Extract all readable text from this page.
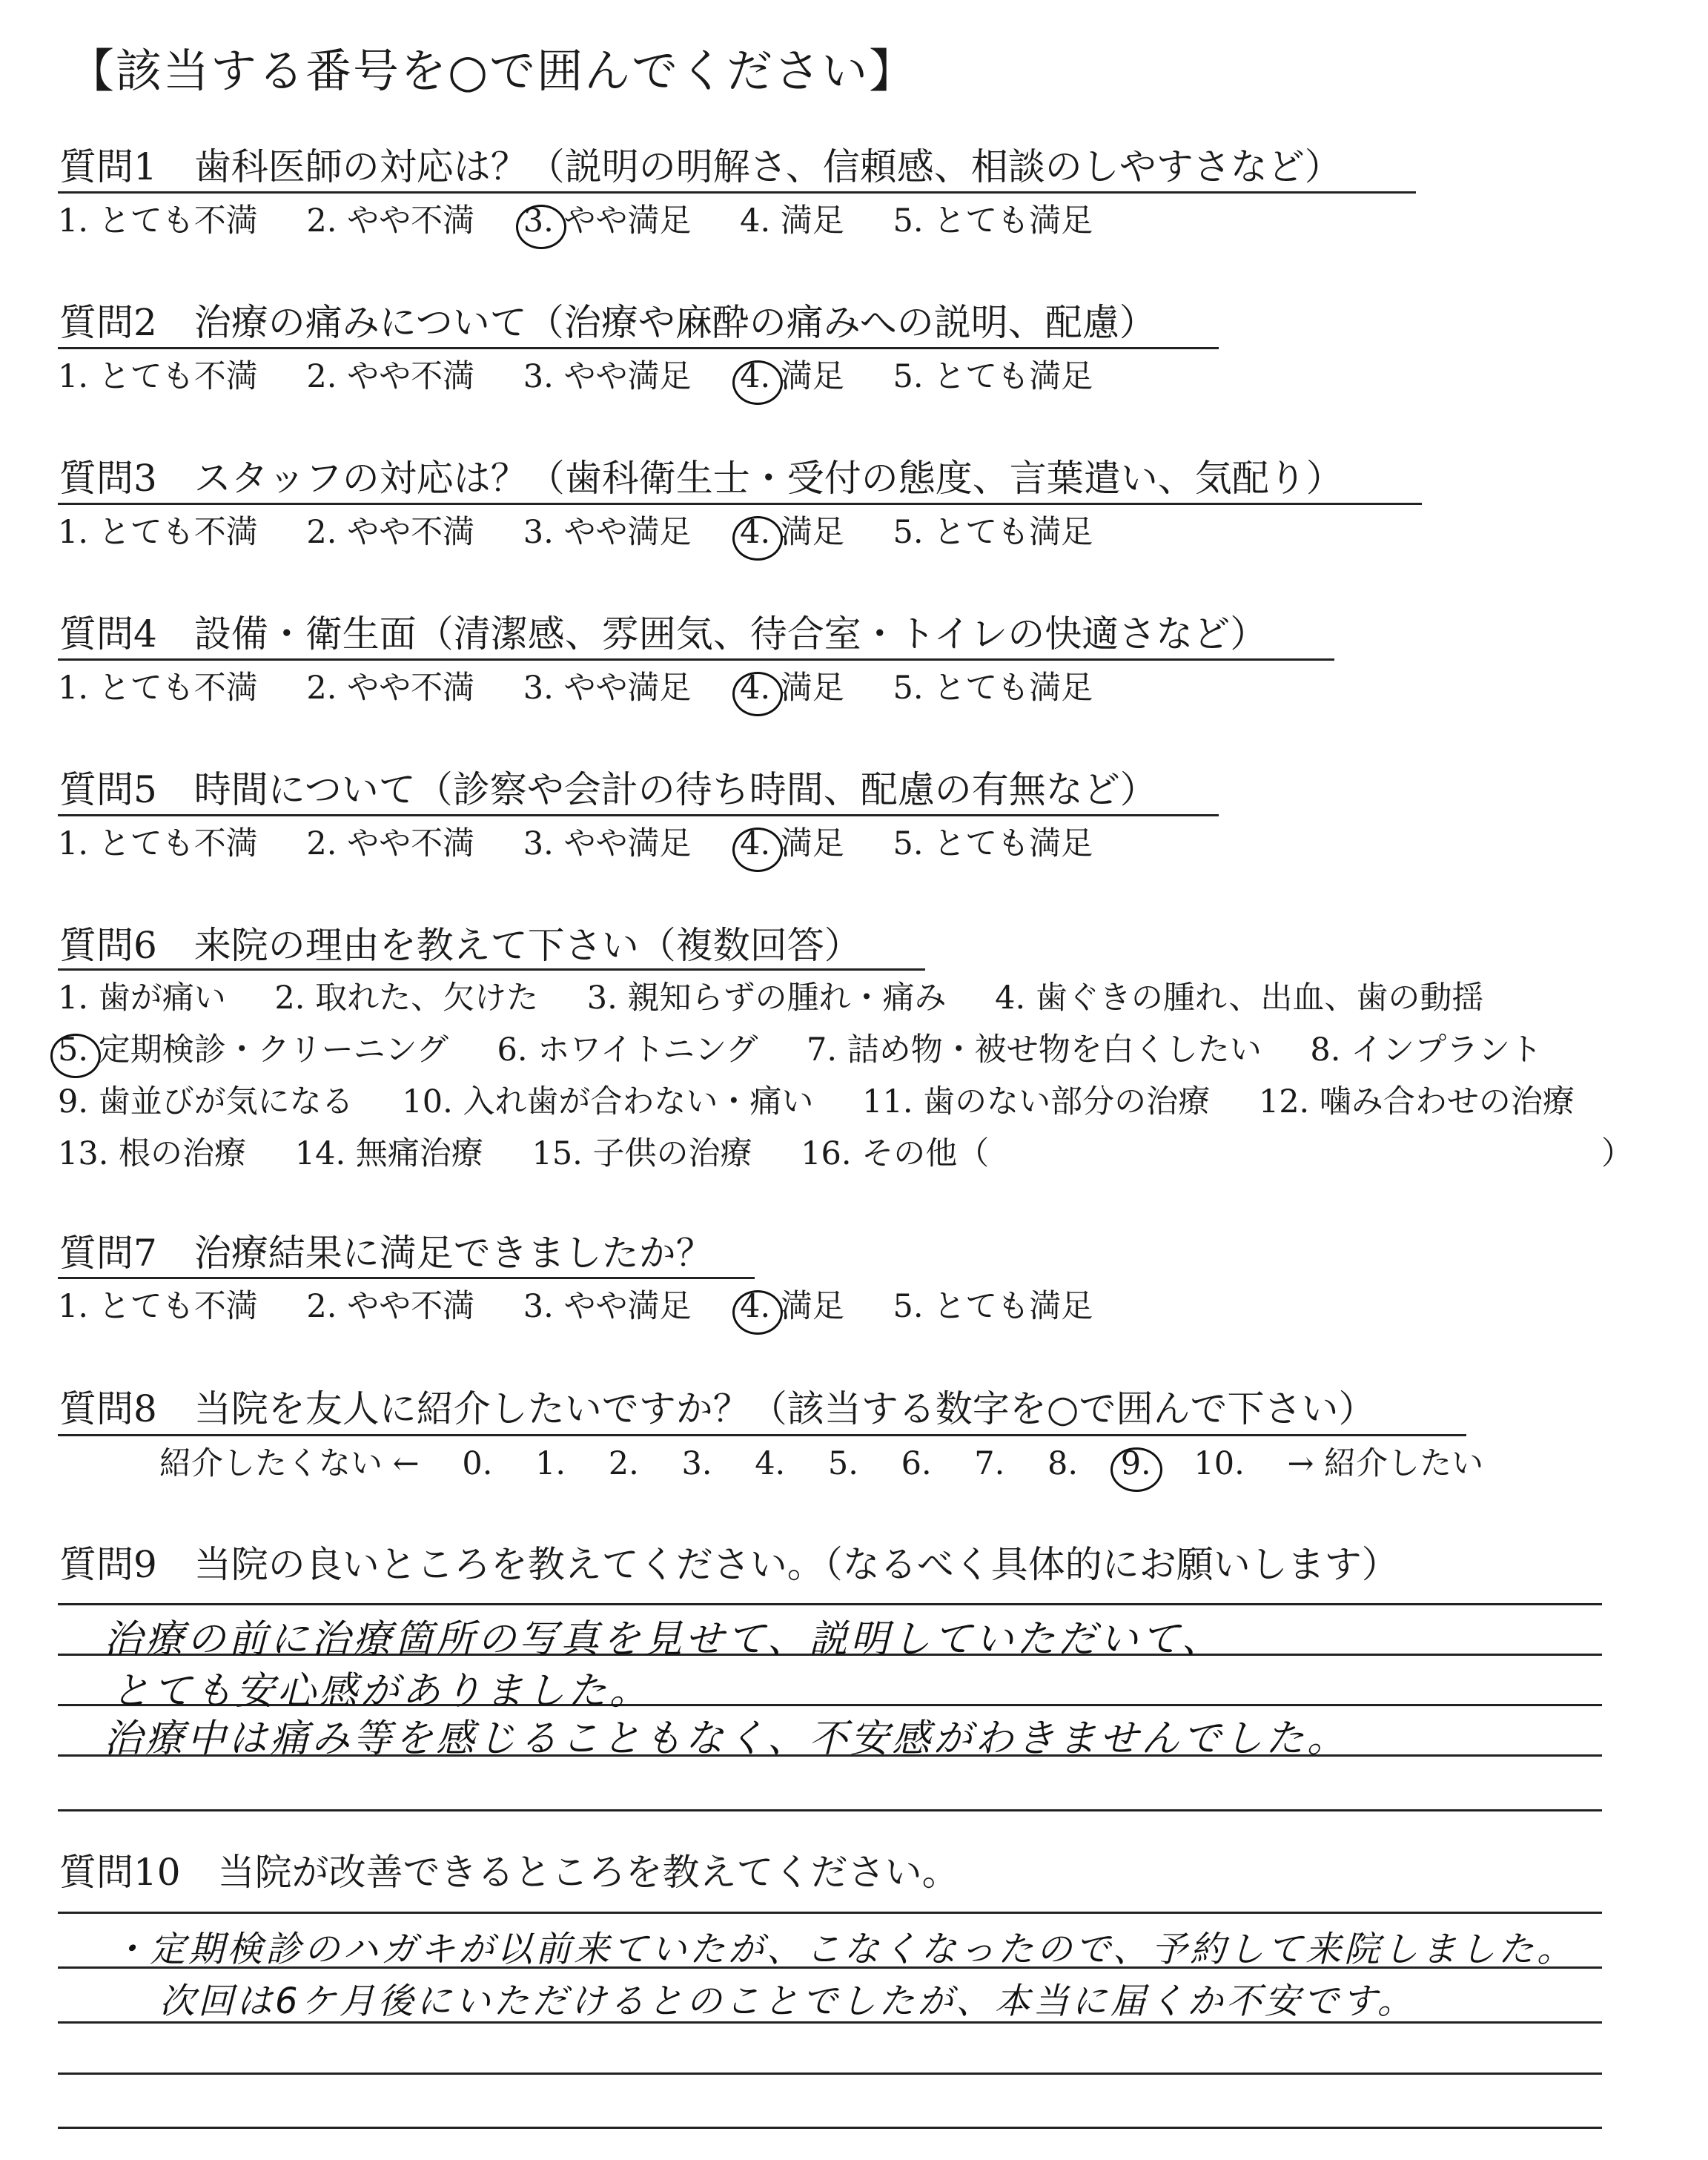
【該当する番号を○で囲んでください】
質問1　歯科医師の対応は？（説明の明解さ、信頼感、相談のしやすさなど）
1. とても不満 2. やや不満 3. やや満足 4. 満足 5. とても満足
質問2　治療の痛みについて（治療や麻酔の痛みへの説明、配慮）
1. とても不満 2. やや不満 3. やや満足 4. 満足 5. とても満足
質問3　スタッフの対応は？（歯科衛生士・受付の態度、言葉遣い、気配り）
1. とても不満 2. やや不満 3. やや満足 4. 満足 5. とても満足
質問4　設備・衛生面（清潔感、雰囲気、待合室・トイレの快適さなど）
1. とても不満 2. やや不満 3. やや満足 4. 満足 5. とても満足
質問5　時間について（診察や会計の待ち時間、配慮の有無など）
1. とても不満 2. やや不満 3. やや満足 4. 満足 5. とても満足
質問6　来院の理由を教えて下さい（複数回答）
1. 歯が痛い 2. 取れた、欠けた 3. 親知らずの腫れ・痛み 4. 歯ぐきの腫れ、出血、歯の動揺
5. 定期検診・クリーニング 6. ホワイトニング 7. 詰め物・被せ物を白くしたい 8. インプラント
9. 歯並びが気になる 10. 入れ歯が合わない・痛い 11. 歯のない部分の治療 12. 噛み合わせの治療
13. 根の治療 14. 無痛治療 15. 子供の治療 16. その他（	）
質問7　治療結果に満足できましたか？
1. とても不満 2. やや不満 3. やや満足 4. 満足 5. とても満足
質問8　当院を友人に紹介したいですか？（該当する数字を○で囲んで下さい）
紹介したくない ← 0. 1. 2. 3. 4. 5. 6. 7. 8. 9. 10. → 紹介したい
質問9　当院の良いところを教えてください。（なるべく具体的にお願いします）
治療の前に治療箇所の写真を見せて、説明していただいて、
とても安心感がありました。
治療中は痛み等を感じることもなく、不安感がわきませんでした。
質問10　当院が改善できるところを教えてください。
・定期検診のハガキが以前来ていたが、こなくなったので、予約して来院しました。
次回は6ケ月後にいただけるとのことでしたが、本当に届くか不安です。
